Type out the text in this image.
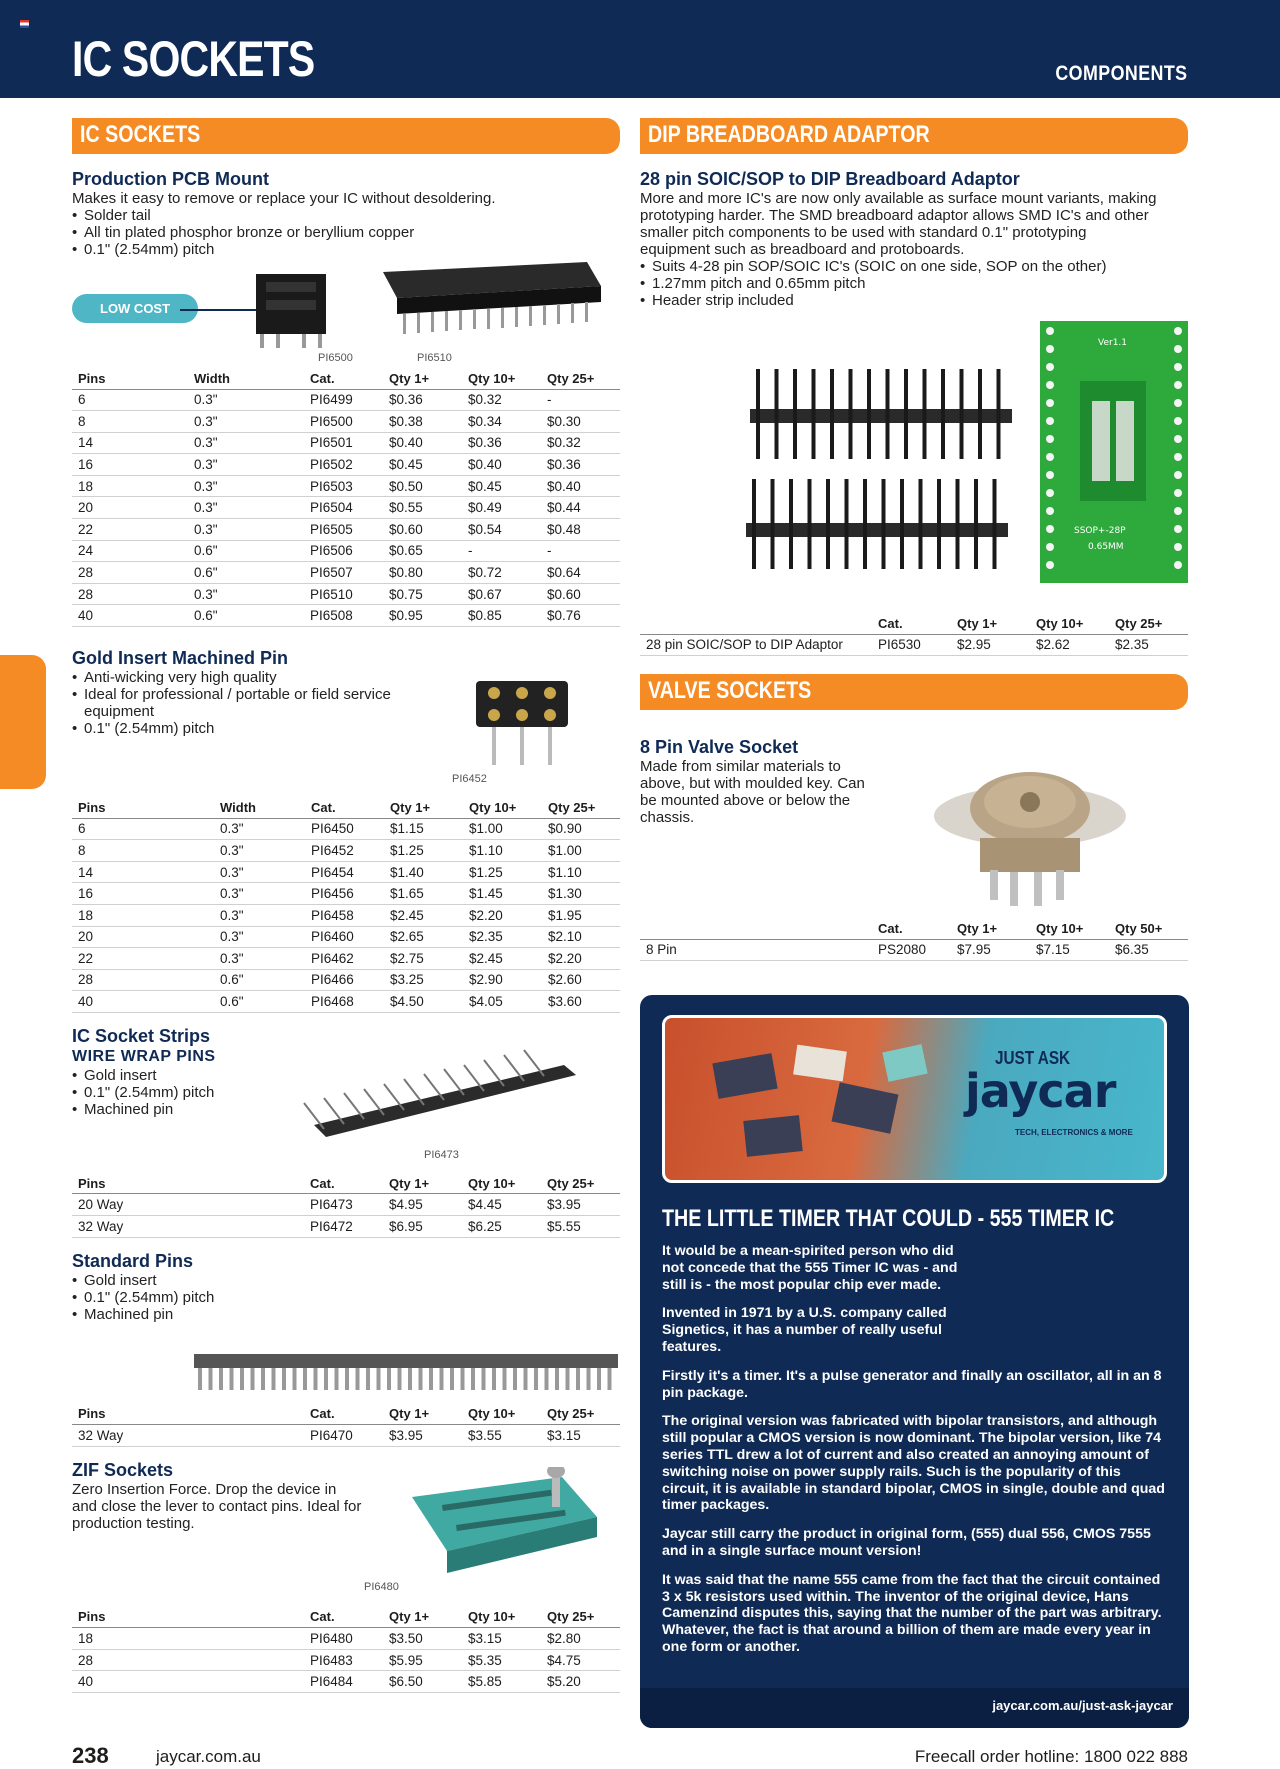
IC SOCKETS	COMPONENTS
IC SOCKETS
Production PCB Mount

Makes it easy to remove or replace your IC without desoldering.

• Solder tail
• All tin plated phosphor bronze or beryllium copper
• 0.1" (2.54mm) pitch
LOW COST
PI6500	PI6510
Pins	Width	Cat.	Qty 1+	Qty 10+	Qty 25+
6	0.3"	PI6499	$0.36	$0.32	-
8	0.3"	PI6500	$0.38	$0.34	$0.30
14	0.3"	PI6501	$0.40	$0.36	$0.32
16	0.3"	PI6502	$0.45	$0.40	$0.36
18	0.3"	PI6503	$0.50	$0.45	$0.40
20	0.3"	PI6504	$0.55	$0.49	$0.44
22	0.3"	PI6505	$0.60	$0.54	$0.48
24	0.6"	PI6506	$0.65	-	-
28	0.6"	PI6507	$0.80	$0.72	$0.64
28	0.3"	PI6510	$0.75	$0.67	$0.60
40	0.6"	PI6508	$0.95	$0.85	$0.76
Gold Insert Machined Pin
• Anti-wicking very high quality
• Ideal for professional / portable or field service equipment
• 0.1" (2.54mm) pitch
PI6452
Pins	Width	Cat.	Qty 1+	Qty 10+	Qty 25+
6	0.3"	PI6450	$1.15	$1.00	$0.90
8	0.3"	PI6452	$1.25	$1.10	$1.00
14	0.3"	PI6454	$1.40	$1.25	$1.10
16	0.3"	PI6456	$1.65	$1.45	$1.30
18	0.3"	PI6458	$2.45	$2.20	$1.95
20	0.3"	PI6460	$2.65	$2.35	$2.10
22	0.3"	PI6462	$2.75	$2.45	$2.20
28	0.6"	PI6466	$3.25	$2.90	$2.60
40	0.6"	PI6468	$4.50	$4.05	$3.60
IC Socket Strips
WIRE WRAP PINS
• Gold insert
• 0.1" (2.54mm) pitch
• Machined pin
PI6473
Pins	Cat.	Qty 1+	Qty 10+	Qty 25+
20 Way	PI6473	$4.95	$4.45	$3.95
32 Way	PI6472	$6.95	$6.25	$5.55
Standard Pins
• Gold insert
• 0.1" (2.54mm) pitch
• Machined pin
Pins	Cat.	Qty 1+	Qty 10+	Qty 25+
32 Way	PI6470	$3.95	$3.55	$3.15
ZIF Sockets

Zero Insertion Force. Drop the device in and close the lever to contact pins. Ideal for production testing.

PI6480
Pins	Cat.	Qty 1+	Qty 10+	Qty 25+
18	PI6480	$3.50	$3.15	$2.80
28	PI6483	$5.95	$5.35	$4.75
40	PI6484	$6.50	$5.85	$5.20
DIP BREADBOARD ADAPTOR
28 pin SOIC/SOP to DIP Breadboard Adaptor

More and more IC's are now only available as surface mount variants, making prototyping harder. The SMD breadboard adaptor allows SMD IC's and other smaller pitch components to be used with standard 0.1" prototyping equipment such as breadboard and protoboards.

• Suits 4-28 pin SOP/SOIC IC's (SOIC on one side, SOP on the other)
• 1.27mm pitch and 0.65mm pitch
• Header strip included
Ver1.1
SSOP+-28P
0.65MM
	Cat.	Qty 1+	Qty 10+	Qty 25+
28 pin SOIC/SOP to DIP Adaptor	PI6530	$2.95	$2.62	$2.35
VALVE SOCKETS
8 Pin Valve Socket

Made from similar materials to above, but with moulded key. Can be mounted above or below the chassis.

	Cat.	Qty 1+	Qty 10+	Qty 50+
8 Pin	PS2080	$7.95	$7.15	$6.35
JUST ASK
jaycar
TECH, ELECTRONICS & MORE
THE LITTLE TIMER THAT COULD - 555 TIMER IC

It would be a mean-spirited person who did not concede that the 555 Timer IC was - and still is - the most popular chip ever made.

Invented in 1971 by a U.S. company called Signetics, it has a number of really useful features.

Firstly it's a timer. It's a pulse generator and finally an oscillator, all in an 8 pin package.

The original version was fabricated with bipolar transistors, and although still popular a CMOS version is now dominant. The bipolar version, like 74 series TTL drew a lot of current and also created an annoying amount of switching noise on power supply rails. Such is the popularity of this circuit, it is available in standard bipolar, CMOS in single, double and quad timer packages.

Jaycar still carry the product in original form, (555) dual 556, CMOS 7555 and in a single surface mount version!

It was said that the name 555 came from the fact that the circuit contained 3 x 5k resistors used within. The inventor of the original device, Hans Camenzind disputes this, saying that the number of the part was arbitrary. Whatever, the fact is that around a billion of them are made every year in one form or another.

jaycar.com.au/just-ask-jaycar
238	jaycar.com.au	Freecall order hotline: 1800 022 888
